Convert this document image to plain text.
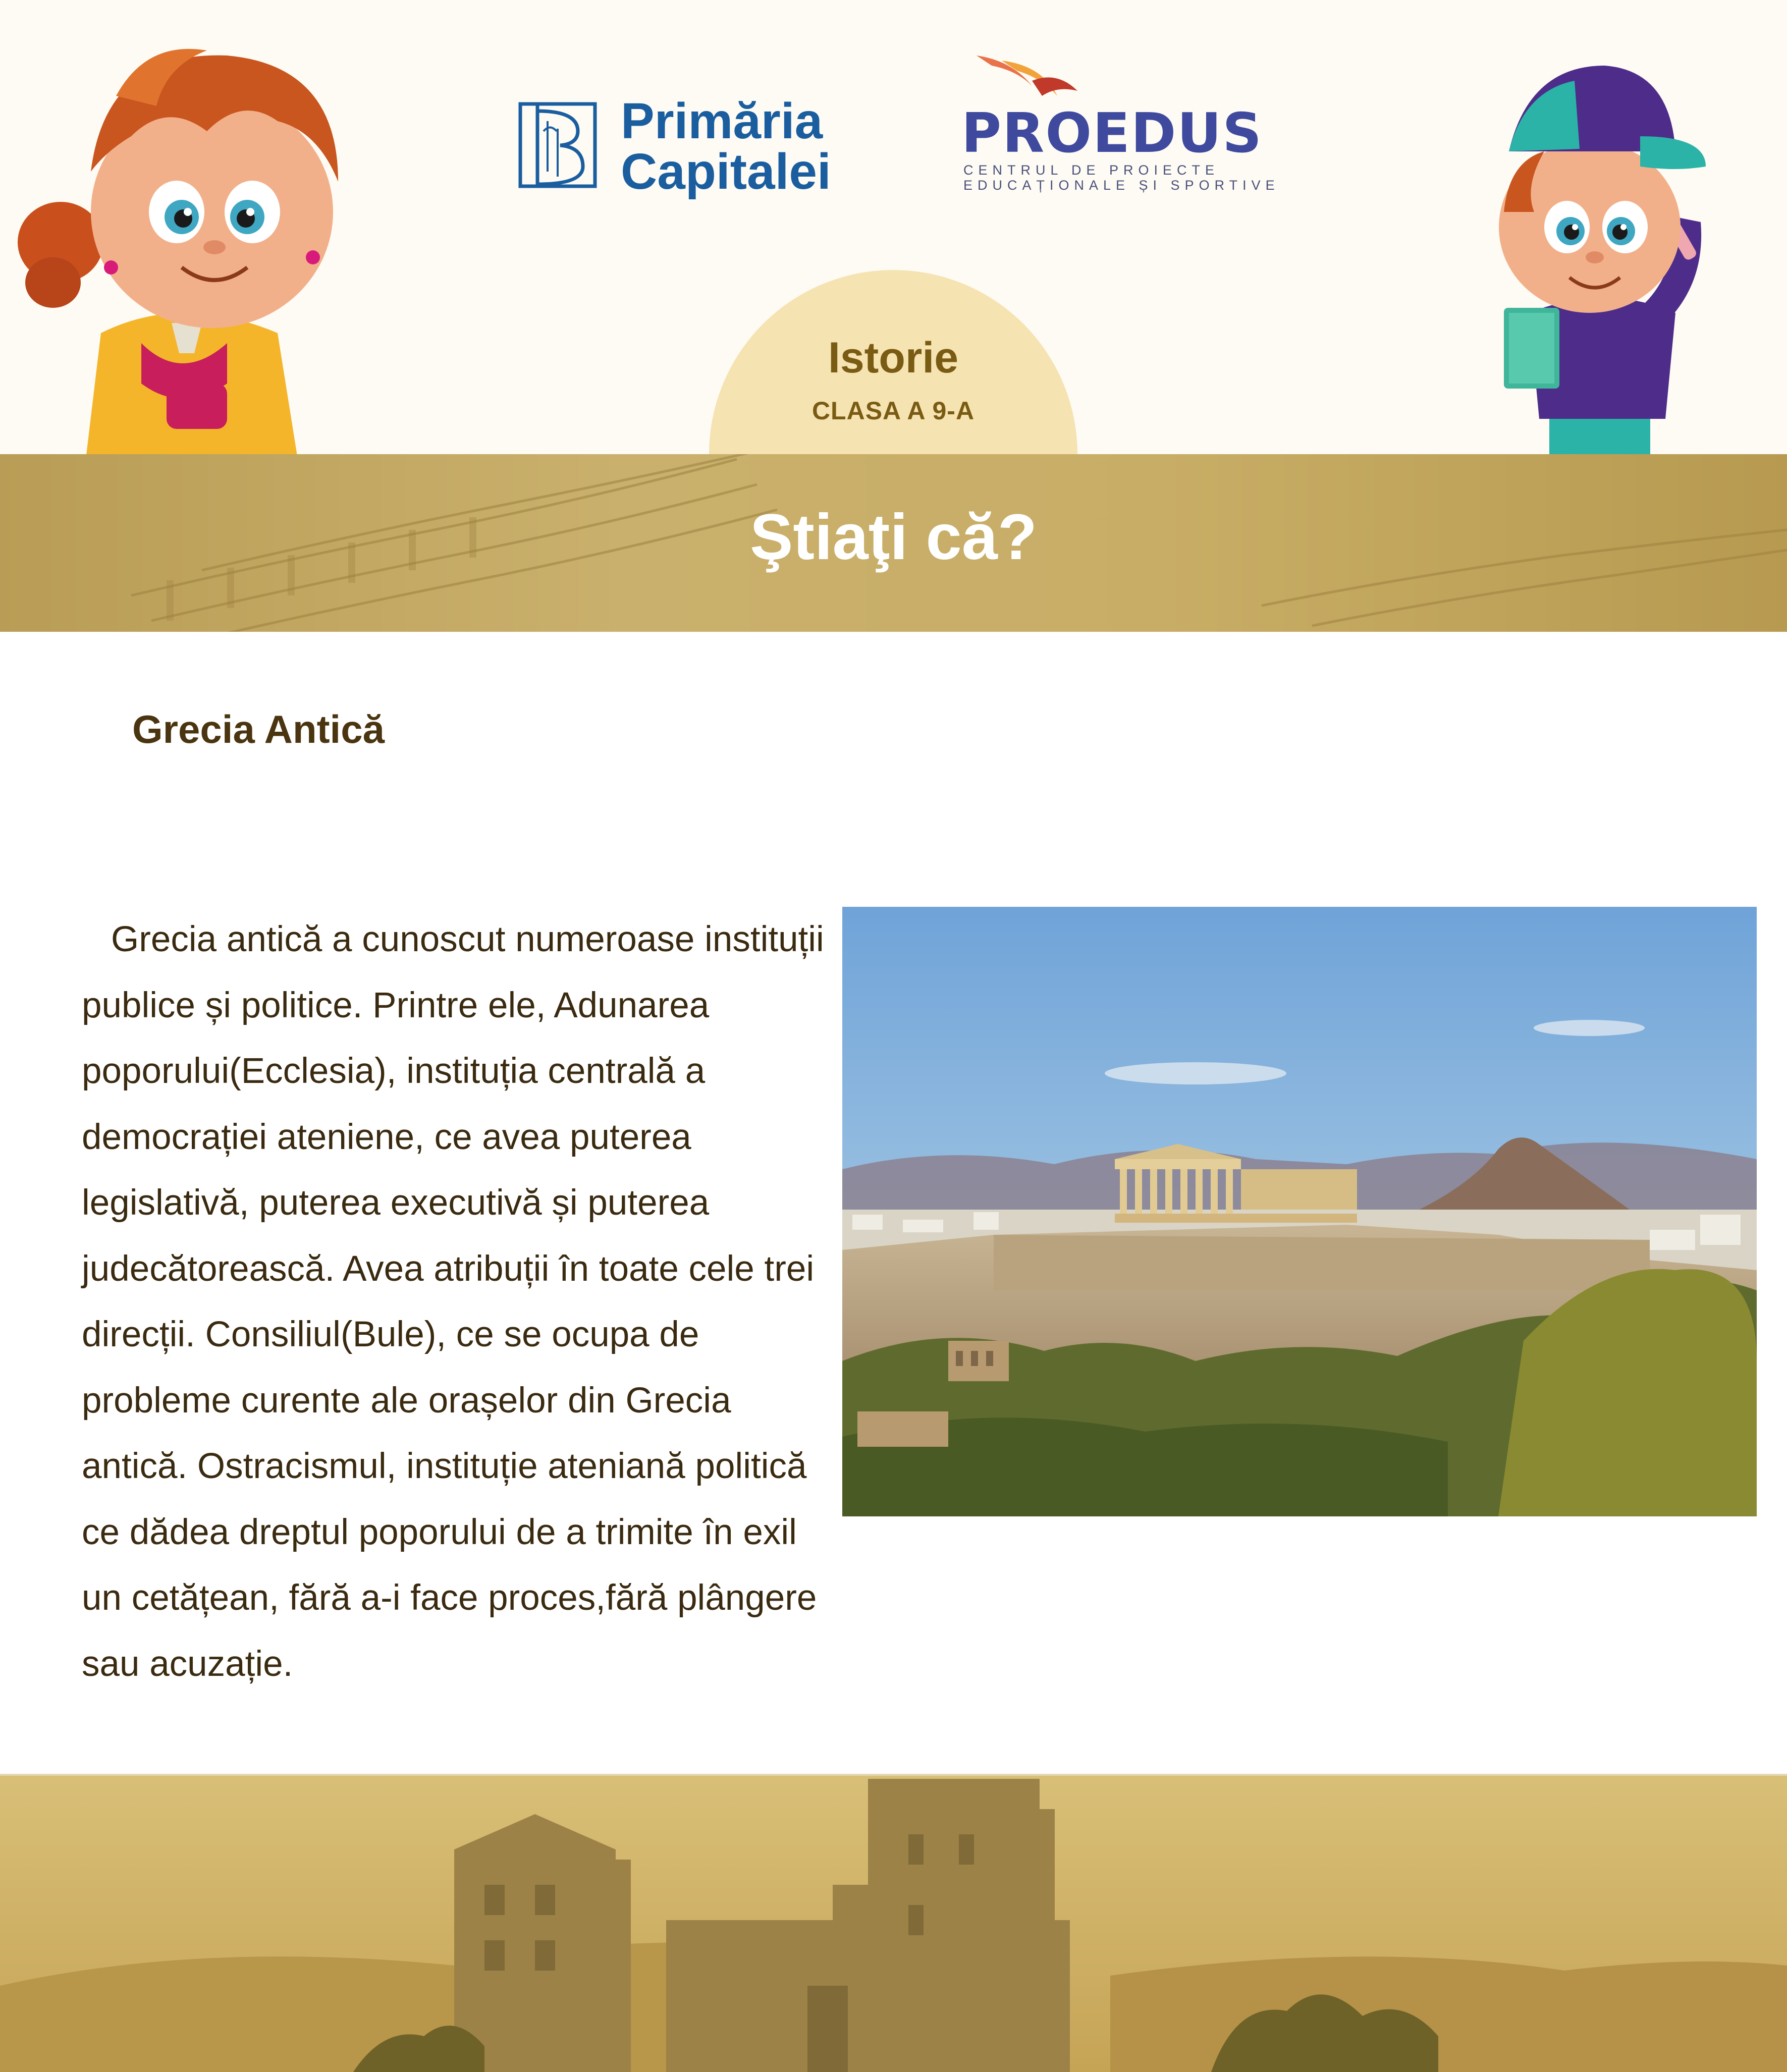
Primăria
Capitalei
PROEDUS
CENTRUL DE PROIECTE
EDUCAȚIONALE ȘI SPORTIVE
Istorie
CLASA A 9-A
Ştiaţi că?
Grecia Antică
Grecia antică a cunoscut numeroase instituții publice și politice. Printre ele, Adunarea poporului(Ecclesia), instituția centrală a democrației ateniene, ce avea puterea legislativă, puterea executivă și puterea judecătorească. Avea atribuții în toate cele trei direcții. Consiliul(Bule), ce se ocupa de probleme curente ale orașelor din Grecia antică. Ostracismul, instituție ateniană politică ce dădea dreptul poporului de a trimite în exil un cetățean, fără a-i face proces,fără plângere sau acuzație.
